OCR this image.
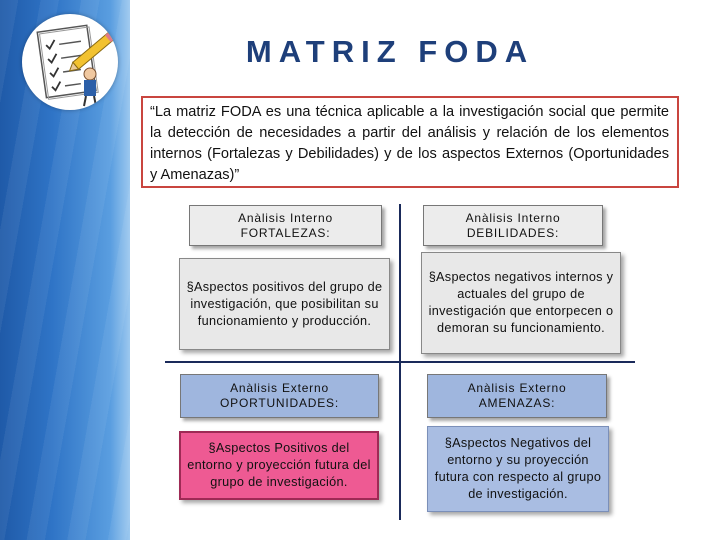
MATRIZ FODA
“La matriz FODA es una técnica aplicable a la investigación social que permite la detección de necesidades a partir del análisis y relación de los elementos internos (Fortalezas y Debilidades) y de los aspectos Externos (Oportunidades y Amenazas)”
Anàlisis Interno
FORTALEZAS:
§Aspectos positivos del grupo de investigación, que posibilitan su funcionamiento y producción.
Anàlisis Interno
DEBILIDADES:
§Aspectos negativos internos y actuales del grupo de investigación que entorpecen o demoran su funcionamiento.
Anàlisis Externo
OPORTUNIDADES:
§Aspectos Positivos del entorno y proyección futura del grupo de investigación.
Anàlisis Externo
AMENAZAS:
§Aspectos Negativos del entorno y su proyección futura con respecto al grupo de investigación.
